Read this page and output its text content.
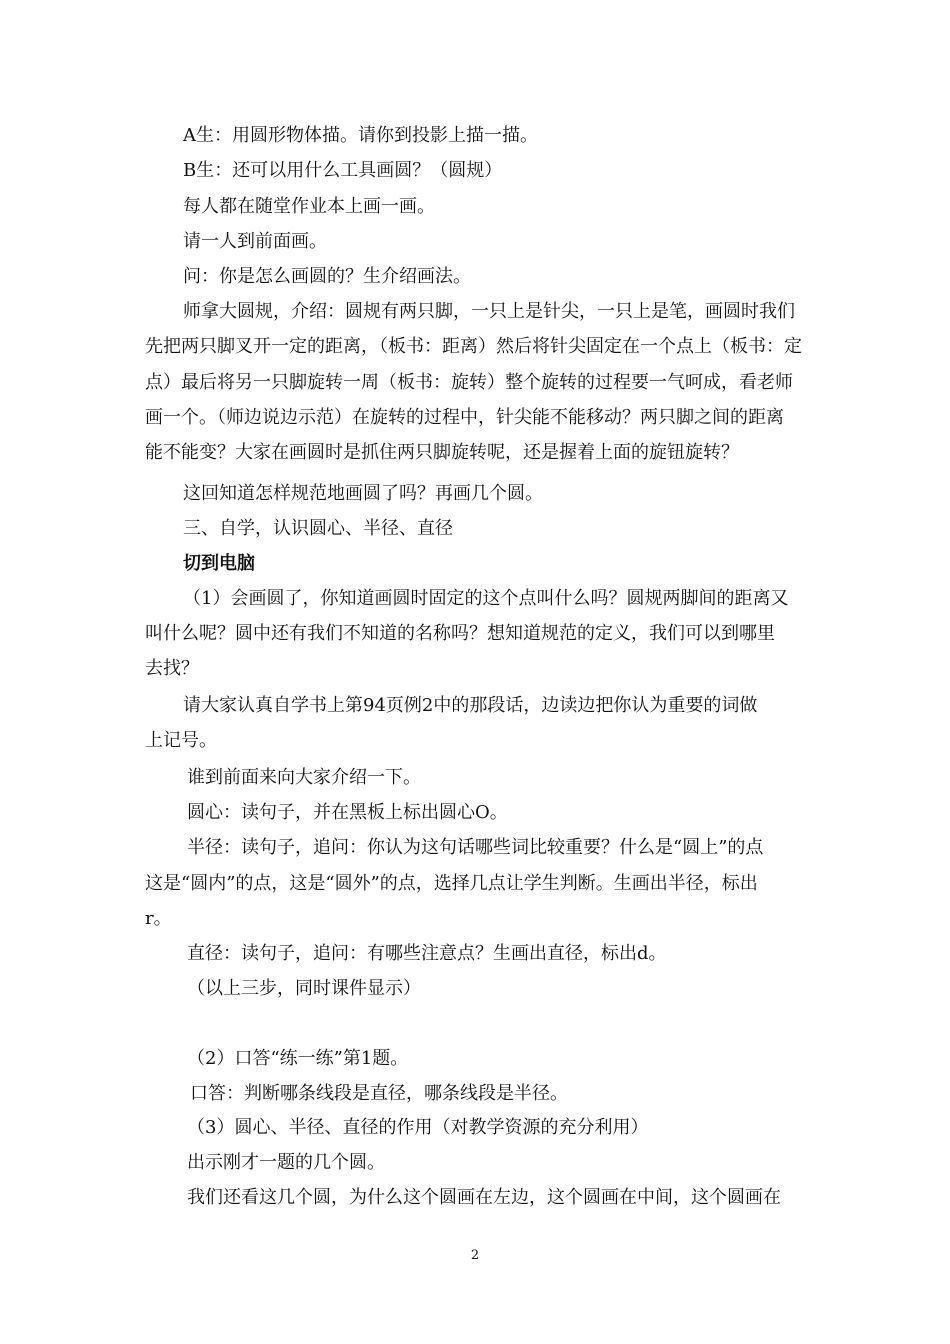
A生：用圆形物体描。请你到投影上描一描。
B生：还可以用什么工具画圆？（圆规）
每人都在随堂作业本上画一画。
请一人到前面画。
问：你是怎么画圆的？生介绍画法。
师拿大圆规，介绍：圆规有两只脚，一只上是针尖，一只上是笔，画圆时我们
先把两只脚叉开一定的距离，（板书：距离）然后将针尖固定在一个点上（板书：定
点）最后将另一只脚旋转一周（板书：旋转）整个旋转的过程要一气呵成，看老师
画一个。（师边说边示范）在旋转的过程中，针尖能不能移动？两只脚之间的距离
能不能变？大家在画圆时是抓住两只脚旋转呢，还是握着上面的旋钮旋转？
这回知道怎样规范地画圆了吗？再画几个圆。
三、自学，认识圆心、半径、直径
切到电脑
（1）会画圆了，你知道画圆时固定的这个点叫什么吗？圆规两脚间的距离又
叫什么呢？圆中还有我们不知道的名称吗？想知道规范的定义，我们可以到哪里
去找？
请大家认真自学书上第94页例2中的那段话，边读边把你认为重要的词做
上记号。
谁到前面来向大家介绍一下。
圆心：读句子，并在黑板上标出圆心O。
半径：读句子，追问：你认为这句话哪些词比较重要？什么是“圆上”的点
这是“圆内”的点，这是“圆外”的点，选择几点让学生判断。生画出半径，标出
r。
直径：读句子，追问：有哪些注意点？生画出直径，标出d。
（以上三步，同时课件显示）
（2）口答“练一练”第1题。
口答：判断哪条线段是直径，哪条线段是半径。
（3）圆心、半径、直径的作用（对教学资源的充分利用）
出示刚才一题的几个圆。
我们还看这几个圆，为什么这个圆画在左边，这个圆画在中间，这个圆画在
2
